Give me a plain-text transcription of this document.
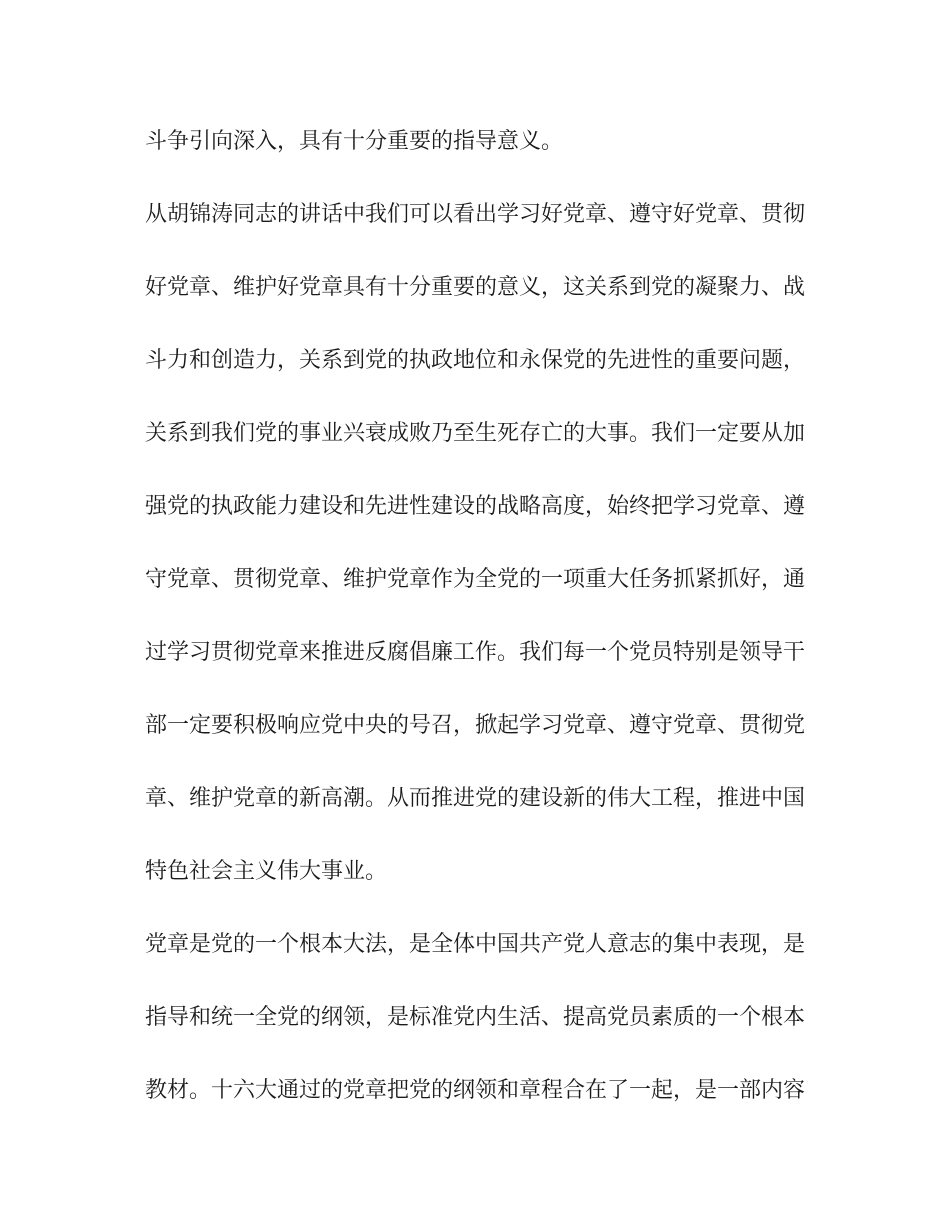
斗争引向深入，具有十分重要的指导意义。
从胡锦涛同志的讲话中我们可以看出学习好党章、遵守好党章、贯彻
好党章、维护好党章具有十分重要的意义，这关系到党的凝聚力、战
斗力和创造力，关系到党的执政地位和永保党的先进性的重要问题，
关系到我们党的事业兴衰成败乃至生死存亡的大事。我们一定要从加
强党的执政能力建设和先进性建设的战略高度，始终把学习党章、遵
守党章、贯彻党章、维护党章作为全党的一项重大任务抓紧抓好，通
过学习贯彻党章来推进反腐倡廉工作。我们每一个党员特别是领导干
部一定要积极响应党中央的号召，掀起学习党章、遵守党章、贯彻党
章、维护党章的新高潮。从而推进党的建设新的伟大工程，推进中国
特色社会主义伟大事业。
党章是党的一个根本大法，是全体中国共产党人意志的集中表现，是
指导和统一全党的纲领，是标准党内生活、提高党员素质的一个根本
教材。十六大通过的党章把党的纲领和章程合在了一起，是一部内容
